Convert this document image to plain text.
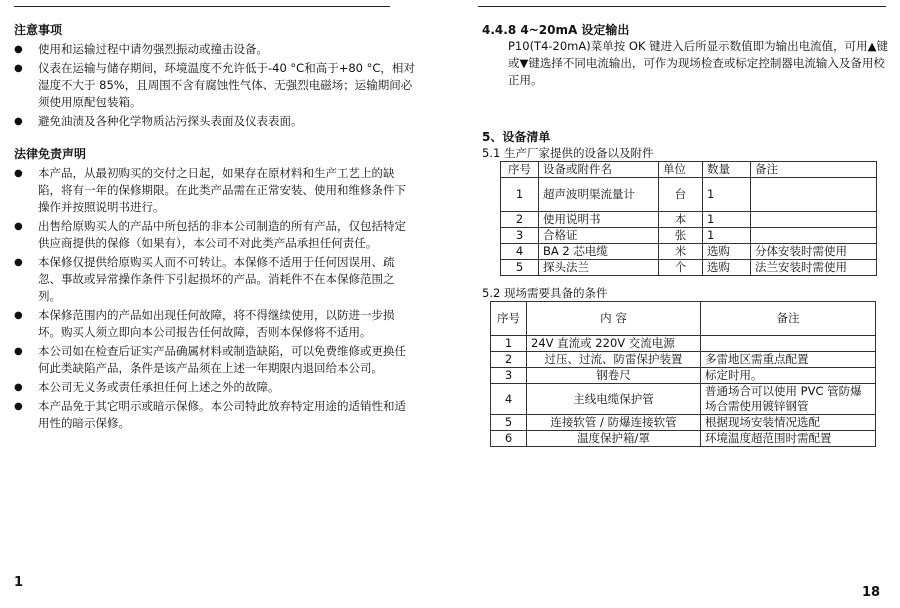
注意事项
● 使用和运输过程中请勿强烈振动或撞击设备。
● 仪表在运输与储存期间，环境温度不允许低于-40 °C和高于+80 °C，相对湿度不大于 85%，且周围不含有腐蚀性气体、无强烈电磁场；运输期间必须使用原配包装箱。
● 避免油渍及各种化学物质沾污探头表面及仪表表面。
法律免责声明
● 本产品，从最初购买的交付之日起，如果存在原材料和生产工艺上的缺陷，将有一年的保修期限。在此类产品需在正常安装、使用和维修条件下操作并按照说明书进行。
● 出售给原购买人的产品中所包括的非本公司制造的所有产品，仅包括特定供应商提供的保修（如果有），本公司不对此类产品承担任何责任。
● 本保修仅提供给原购买人而不可转让。本保修不适用于任何因误用、疏忽、事故或异常操作条件下引起损坏的产品。消耗件不在本保修范围之列。
● 本保修范围内的产品如出现任何故障，将不得继续使用，以防进一步损坏。购买人须立即向本公司报告任何故障，否则本保修将不适用。
● 本公司如在检查后证实产品确属材料或制造缺陷，可以免费维修或更换任何此类缺陷产品，条件是该产品须在上述一年期限内退回给本公司。
● 本公司无义务或责任承担任何上述之外的故障。
● 本产品免于其它明示或暗示保修。本公司特此放弃特定用途的适销性和适用性的暗示保修。
1
4.4.8 4~20mA 设定输出
P10(T4-20mA)菜单按 OK 键进入后所显示数值即为输出电流值，可用▲键或▼键选择不同电流输出，可作为现场检查或标定控制器电流输入及备用校正用。
5、设备清单
5.1 生产厂家提供的设备以及附件
序号	设备或附件名	单位	数量	备注
1	超声波明渠流量计	台	1	
2	使用说明书	本	1	
3	合格证	张	1	
4	BA 2 芯电缆	米	选购	分体安装时需使用
5	探头法兰	个	选购	法兰安装时需使用
5.2 现场需要具备的条件
序号	内 容	备注
1	24V 直流或 220V 交流电源	
2	过压、过流、防雷保护装置	多雷地区需重点配置
3	钢卷尺	标定时用。
4	主线电缆保护管	普通场合可以使用 PVC 管防爆场合需使用镀锌钢管
5	连接软管 / 防爆连接软管	根据现场安装情况选配
6	温度保护箱/罩	环境温度超范围时需配置
18
